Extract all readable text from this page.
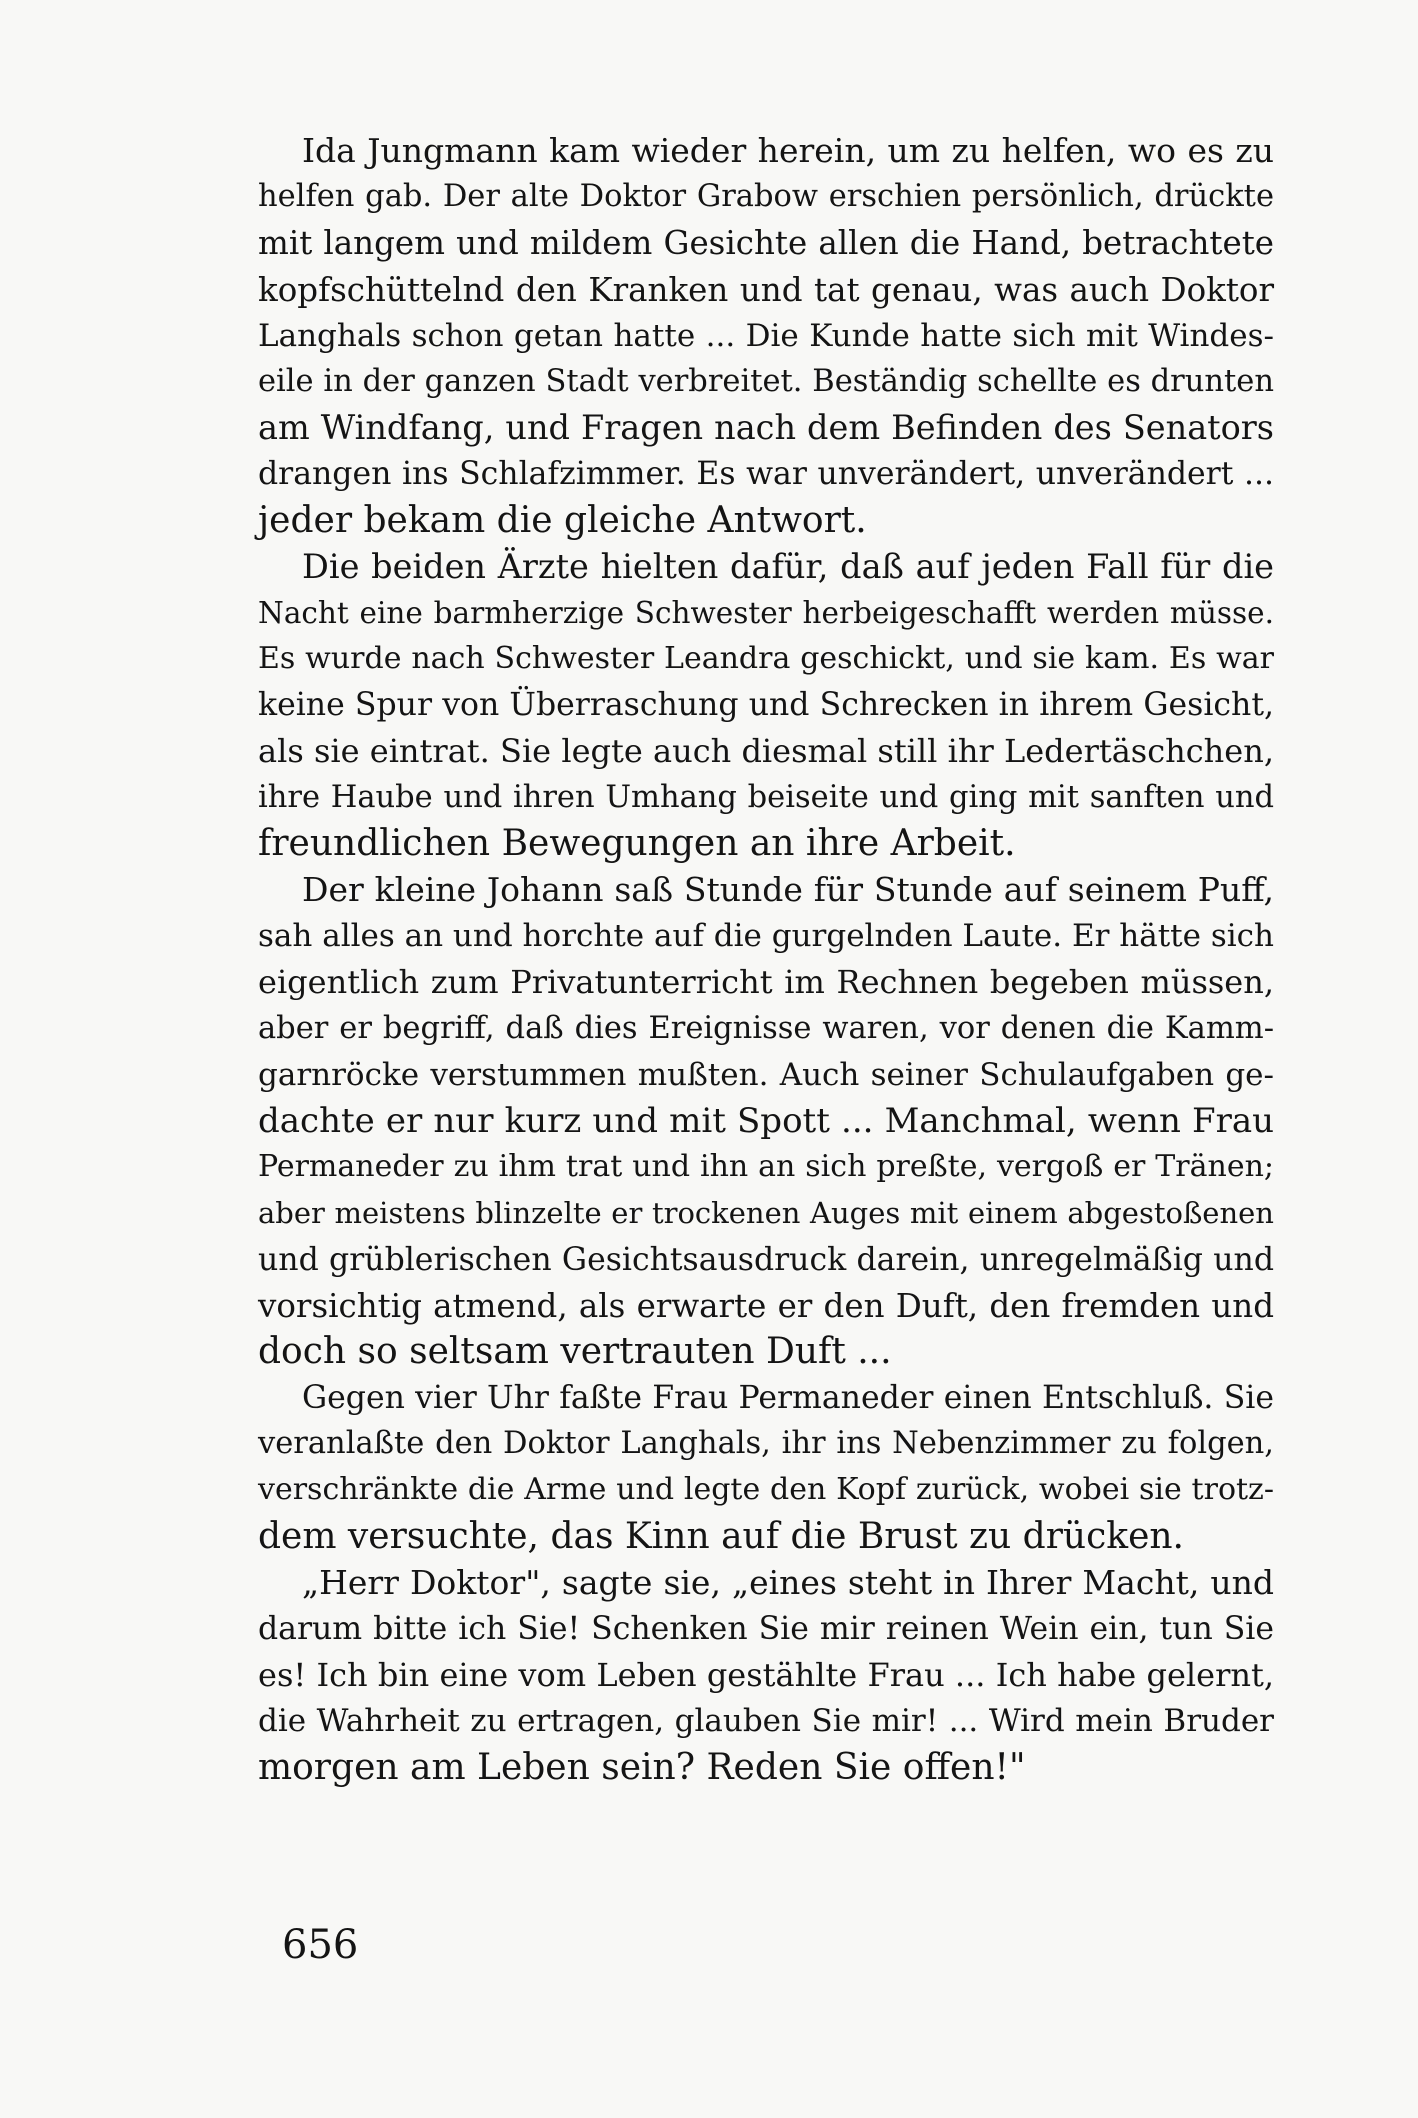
Ida Jungmann kam wieder herein, um zu helfen, wo es zu
helfen gab. Der alte Doktor Grabow erschien persönlich, drückte
mit langem und mildem Gesichte allen die Hand, betrachtete
kopfschüttelnd den Kranken und tat genau, was auch Doktor
Langhals schon getan hatte ... Die Kunde hatte sich mit Windes-
eile in der ganzen Stadt verbreitet. Beständig schellte es drunten
am Windfang, und Fragen nach dem Befinden des Senators
drangen ins Schlafzimmer. Es war unverändert, unverändert ...
jeder bekam die gleiche Antwort.
Die beiden Ärzte hielten dafür, daß auf jeden Fall für die
Nacht eine barmherzige Schwester herbeigeschafft werden müsse.
Es wurde nach Schwester Leandra geschickt, und sie kam. Es war
keine Spur von Überraschung und Schrecken in ihrem Gesicht,
als sie eintrat. Sie legte auch diesmal still ihr Ledertäschchen,
ihre Haube und ihren Umhang beiseite und ging mit sanften und
freundlichen Bewegungen an ihre Arbeit.
Der kleine Johann saß Stunde für Stunde auf seinem Puff,
sah alles an und horchte auf die gurgelnden Laute. Er hätte sich
eigentlich zum Privatunterricht im Rechnen begeben müssen,
aber er begriff, daß dies Ereignisse waren, vor denen die Kamm-
garnröcke verstummen mußten. Auch seiner Schulaufgaben ge-
dachte er nur kurz und mit Spott ... Manchmal, wenn Frau
Permaneder zu ihm trat und ihn an sich preßte, vergoß er Tränen;
aber meistens blinzelte er trockenen Auges mit einem abgestoßenen
und grüblerischen Gesichtsausdruck darein, unregelmäßig und
vorsichtig atmend, als erwarte er den Duft, den fremden und
doch so seltsam vertrauten Duft ...
Gegen vier Uhr faßte Frau Permaneder einen Entschluß. Sie
veranlaßte den Doktor Langhals, ihr ins Nebenzimmer zu folgen,
verschränkte die Arme und legte den Kopf zurück, wobei sie trotz-
dem versuchte, das Kinn auf die Brust zu drücken.
„Herr Doktor", sagte sie, „eines steht in Ihrer Macht, und
darum bitte ich Sie! Schenken Sie mir reinen Wein ein, tun Sie
es! Ich bin eine vom Leben gestählte Frau ... Ich habe gelernt,
die Wahrheit zu ertragen, glauben Sie mir! ... Wird mein Bruder
morgen am Leben sein? Reden Sie offen!"
656
